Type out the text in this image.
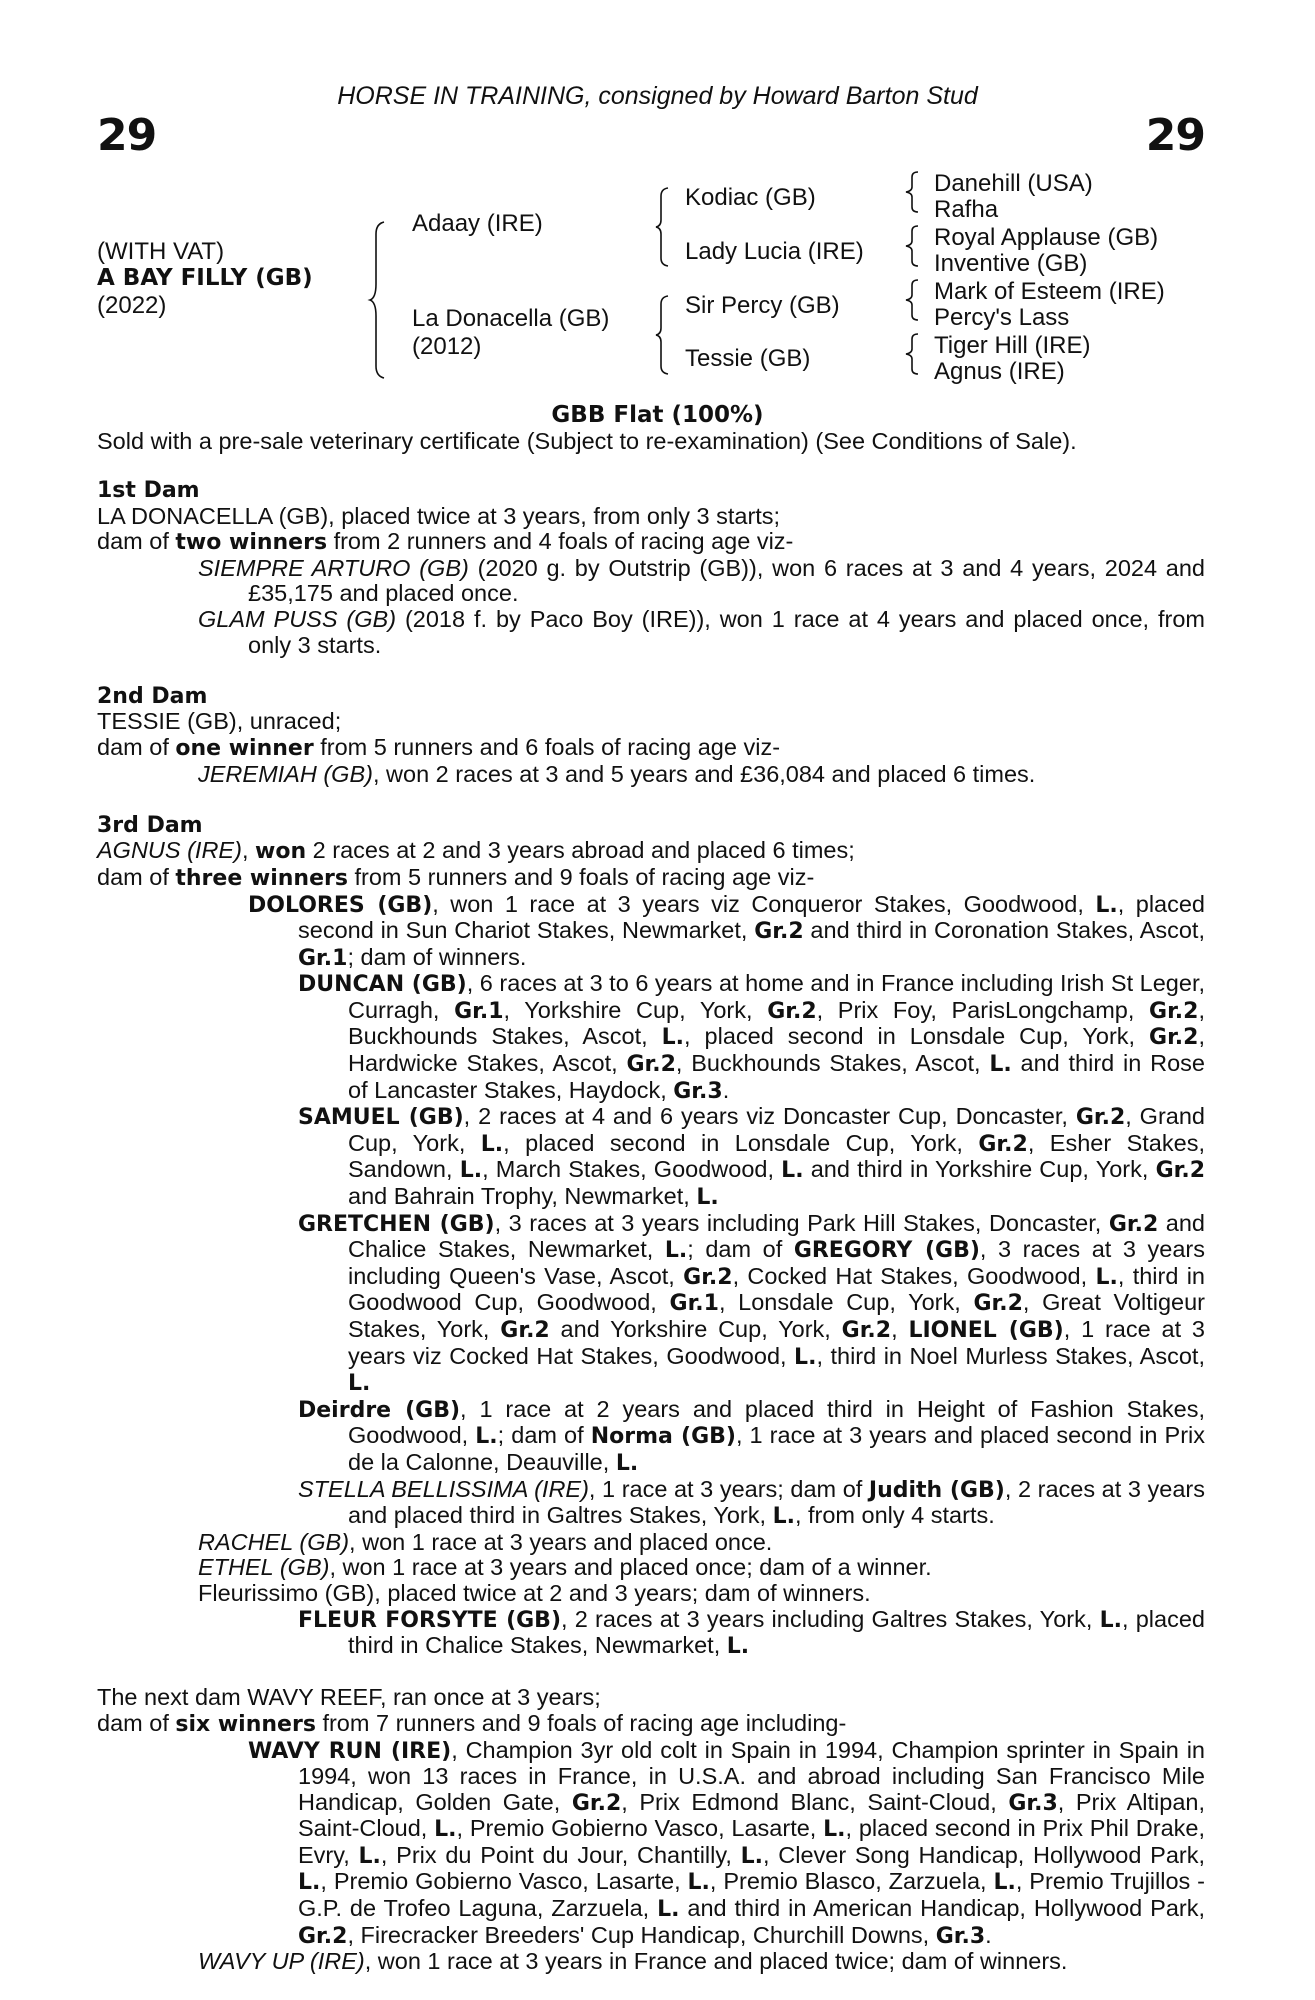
29	29
HORSE IN TRAINING, consigned by Howard Barton Stud
(WITH VAT)
A BAY FILLY (GB)
(2022)
Adaay (IRE)
La Donacella (GB)
(2012)
Kodiac (GB)
Lady Lucia (IRE)
Sir Percy (GB)
Tessie (GB)
Danehill (USA)
Rafha
Royal Applause (GB)
Inventive (GB)
Mark of Esteem (IRE)
Percy's Lass
Tiger Hill (IRE)
Agnus (IRE)
GBB Flat (100%)
Sold with a pre-sale veterinary certificate (Subject to re-examination) (See Conditions of Sale).

1st Dam

LA DONACELLA (GB), placed twice at 3 years, from only 3 starts;

dam of two winners from 2 runners and 4 foals of racing age viz-

SIEMPRE ARTURO (GB) (2020 g. by Outstrip (GB)), won 6 races at 3 and 4 years, 2024 and £35,175 and placed once.

GLAM PUSS (GB) (2018 f. by Paco Boy (IRE)), won 1 race at 4 years and placed once, from only 3 starts.

2nd Dam

TESSIE (GB), unraced;

dam of one winner from 5 runners and 6 foals of racing age viz-

JEREMIAH (GB), won 2 races at 3 and 5 years and £36,084 and placed 6 times.

3rd Dam

AGNUS (IRE), won 2 races at 2 and 3 years abroad and placed 6 times;

dam of three winners from 5 runners and 9 foals of racing age viz-

DOLORES (GB), won 1 race at 3 years viz Conqueror Stakes, Goodwood, L., placed second in Sun Chariot Stakes, Newmarket, Gr.2 and third in Coronation Stakes, Ascot, Gr.1; dam of winners.

DUNCAN (GB), 6 races at 3 to 6 years at home and in France including Irish St Leger, Curragh, Gr.1, Yorkshire Cup, York, Gr.2, Prix Foy, ParisLongchamp, Gr.2, Buckhounds Stakes, Ascot, L., placed second in Lonsdale Cup, York, Gr.2, Hardwicke Stakes, Ascot, Gr.2, Buckhounds Stakes, Ascot, L. and third in Rose of Lancaster Stakes, Haydock, Gr.3.

SAMUEL (GB), 2 races at 4 and 6 years viz Doncaster Cup, Doncaster, Gr.2, Grand Cup, York, L., placed second in Lonsdale Cup, York, Gr.2, Esher Stakes, Sandown, L., March Stakes, Goodwood, L. and third in Yorkshire Cup, York, Gr.2 and Bahrain Trophy, Newmarket, L.

GRETCHEN (GB), 3 races at 3 years including Park Hill Stakes, Doncaster, Gr.2 and Chalice Stakes, Newmarket, L.; dam of GREGORY (GB), 3 races at 3 years including Queen's Vase, Ascot, Gr.2, Cocked Hat Stakes, Goodwood, L., third in Goodwood Cup, Goodwood, Gr.1, Lonsdale Cup, York, Gr.2, Great Voltigeur Stakes, York, Gr.2 and Yorkshire Cup, York, Gr.2, LIONEL (GB), 1 race at 3 years viz Cocked Hat Stakes, Goodwood, L., third in Noel Murless Stakes, Ascot, L.

Deirdre (GB), 1 race at 2 years and placed third in Height of Fashion Stakes, Goodwood, L.; dam of Norma (GB), 1 race at 3 years and placed second in Prix de la Calonne, Deauville, L.

STELLA BELLISSIMA (IRE), 1 race at 3 years; dam of Judith (GB), 2 races at 3 years and placed third in Galtres Stakes, York, L., from only 4 starts.

RACHEL (GB), won 1 race at 3 years and placed once.

ETHEL (GB), won 1 race at 3 years and placed once; dam of a winner.

Fleurissimo (GB), placed twice at 2 and 3 years; dam of winners.

FLEUR FORSYTE (GB), 2 races at 3 years including Galtres Stakes, York, L., placed third in Chalice Stakes, Newmarket, L.

The next dam WAVY REEF, ran once at 3 years;

dam of six winners from 7 runners and 9 foals of racing age including-

WAVY RUN (IRE), Champion 3yr old colt in Spain in 1994, Champion sprinter in Spain in 1994, won 13 races in France, in U.S.A. and abroad including San Francisco Mile Handicap, Golden Gate, Gr.2, Prix Edmond Blanc, Saint-Cloud, Gr.3, Prix Altipan, Saint-Cloud, L., Premio Gobierno Vasco, Lasarte, L., placed second in Prix Phil Drake, Evry, L., Prix du Point du Jour, Chantilly, L., Clever Song Handicap, Hollywood Park, L., Premio Gobierno Vasco, Lasarte, L., Premio Blasco, Zarzuela, L., Premio Trujillos - G.P. de Trofeo Laguna, Zarzuela, L. and third in American Handicap, Hollywood Park, Gr.2, Firecracker Breeders' Cup Handicap, Churchill Downs, Gr.3.

WAVY UP (IRE), won 1 race at 3 years in France and placed twice; dam of winners.
